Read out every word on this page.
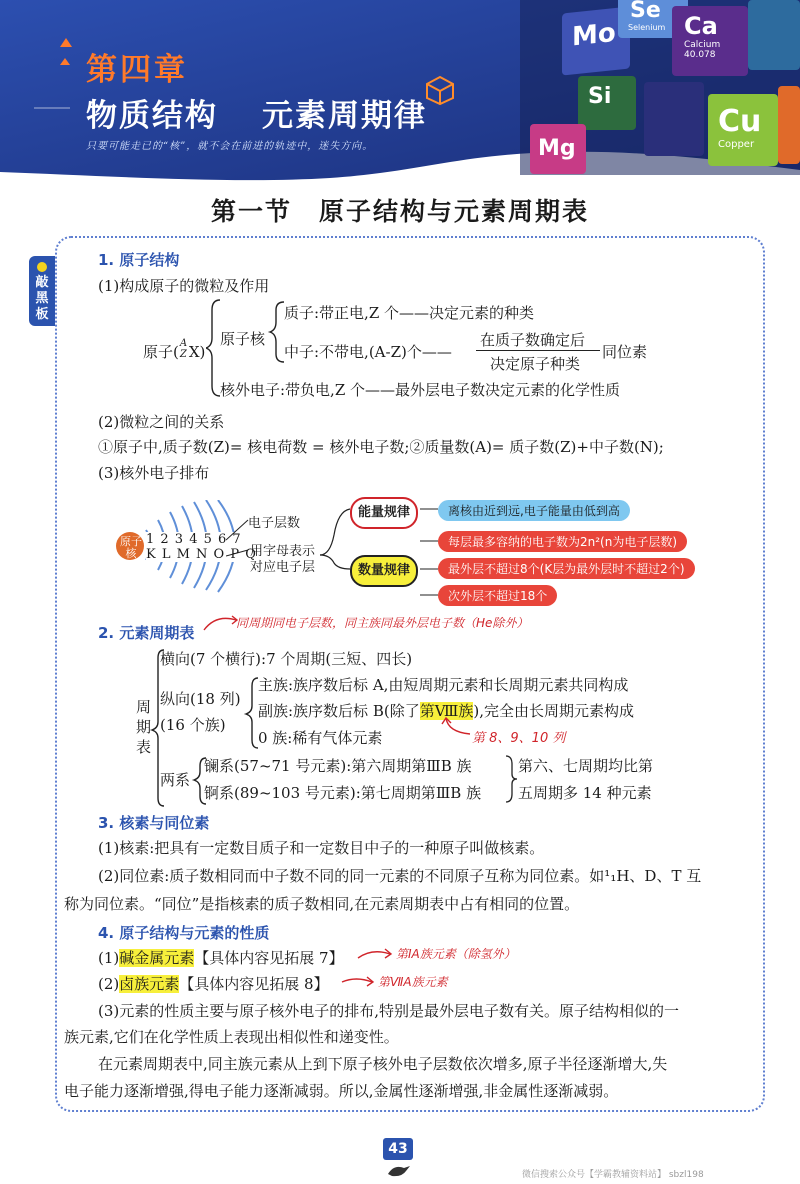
第四章
物质结构 元素周期律
只要可能走已的“核”，就不会在前进的轨迹中，迷失方向。
Mo
Se
Selenium Ca
Calcium
40.078
Si
Mg
Cu
Copper
第一节　原子结构与元素周期表
敲
黑
板
1. 原子结构
(1)构成原子的微粒及作用
原子( A
Z X)
原子核
质子:带正电,Z 个——决定元素的种类
中子:不带电,(A-Z)个——
在质子数确定后
决定原子种类
同位素
核外电子:带负电,Z 个——最外层电子数决定元素的化学性质
(2)微粒之间的关系
①原子中,质子数(Z)= 核电荷数 = 核外电子数;②质量数(A)= 质子数(Z)+中子数(N);
(3)核外电子排布
原子核
1 2 3 4 5 6 7
K L M N O P Q
电子层数
用字母表示
对应电子层
能量规律
数量规律
离核由近到远,电子能量由低到高
每层最多容纳的电子数为2n²(n为电子层数)
最外层不超过8个(K层为最外层时不超过2个)
次外层不超过18个
2. 元素周期表
同周期同电子层数，同主族同最外层电子数（He除外）
周
期
表
横向(7 个横行):7 个周期(三短、四长)
纵向(18 列)
(16 个族)
主族:族序数后标 A,由短周期元素和长周期元素共同构成
副族:族序数后标 B(除了第Ⅷ族),完全由长周期元素构成
0 族:稀有气体元素	第 8、9、10 列
两系
镧系(57~71 号元素):第六周期第ⅢB 族
锕系(89~103 号元素):第七周期第ⅢB 族
第六、七周期均比第
五周期多 14 种元素
3. 核素与同位素
(1)核素:把具有一定数目质子和一定数目中子的一种原子叫做核素。
(2)同位素:质子数相同而中子数不同的同一元素的不同原子互称为同位素。如¹₁H、D、T 互
称为同位素。“同位”是指核素的质子数相同,在元素周期表中占有相同的位置。
4. 原子结构与元素的性质
(1)碱金属元素【具体内容见拓展 7】	第ⅠA族元素（除氢外）
(2)卤族元素【具体内容见拓展 8】	第ⅦA族元素
(3)元素的性质主要与原子核外电子的排布,特别是最外层电子数有关。原子结构相似的一
族元素,它们在化学性质上表现出相似性和递变性。
在元素周期表中,同主族元素从上到下原子核外电子层数依次增多,原子半径逐渐增大,失
电子能力逐渐增强,得电子能力逐渐减弱。所以,金属性逐渐增强,非金属性逐渐减弱。
43
微信搜索公众号【学霸教辅资料站】 sbzl198
